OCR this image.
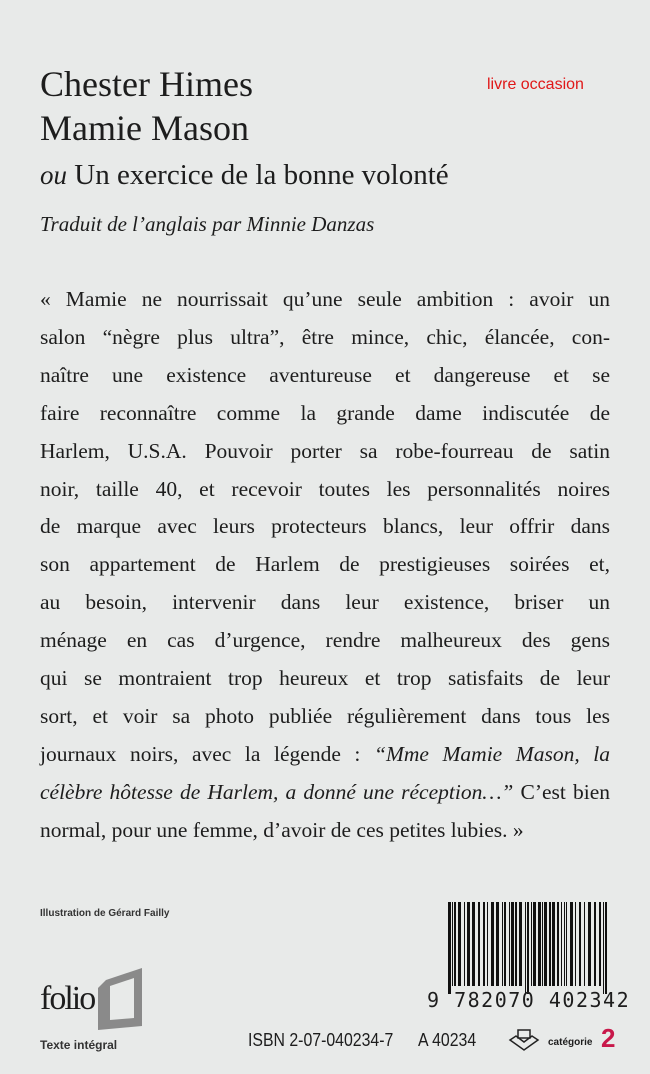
Chester Himes
Mamie Mason
ou Un exercice de la bonne volonté
Traduit de l’anglais par Minnie Danzas
livre occasion
« Mamie ne nourrissait qu’une seule ambition : avoir un
salon “nègre plus ultra”, être mince, chic, élancée, con-
naître une existence aventureuse et dangereuse et se
faire reconnaître comme la grande dame indiscutée de
Harlem, U.S.A. Pouvoir porter sa robe-fourreau de satin
noir, taille 40, et recevoir toutes les personnalités noires
de marque avec leurs protecteurs blancs, leur offrir dans
son appartement de Harlem de prestigieuses soirées et,
au besoin, intervenir dans leur existence, briser un
ménage en cas d’urgence, rendre malheureux des gens
qui se montraient trop heureux et trop satisfaits de leur
sort, et voir sa photo publiée régulièrement dans tous les
journaux noirs, avec la légende : “Mme Mamie Mason, la
célèbre hôtesse de Harlem, a donné une réception…” C’est bien
normal, pour une femme, d’avoir de ces petites lubies. »
Illustration de Gérard Failly
folio
Texte intégral
9 782070 402342
ISBN 2-07-040234-7 A 40234	catégorie 2
